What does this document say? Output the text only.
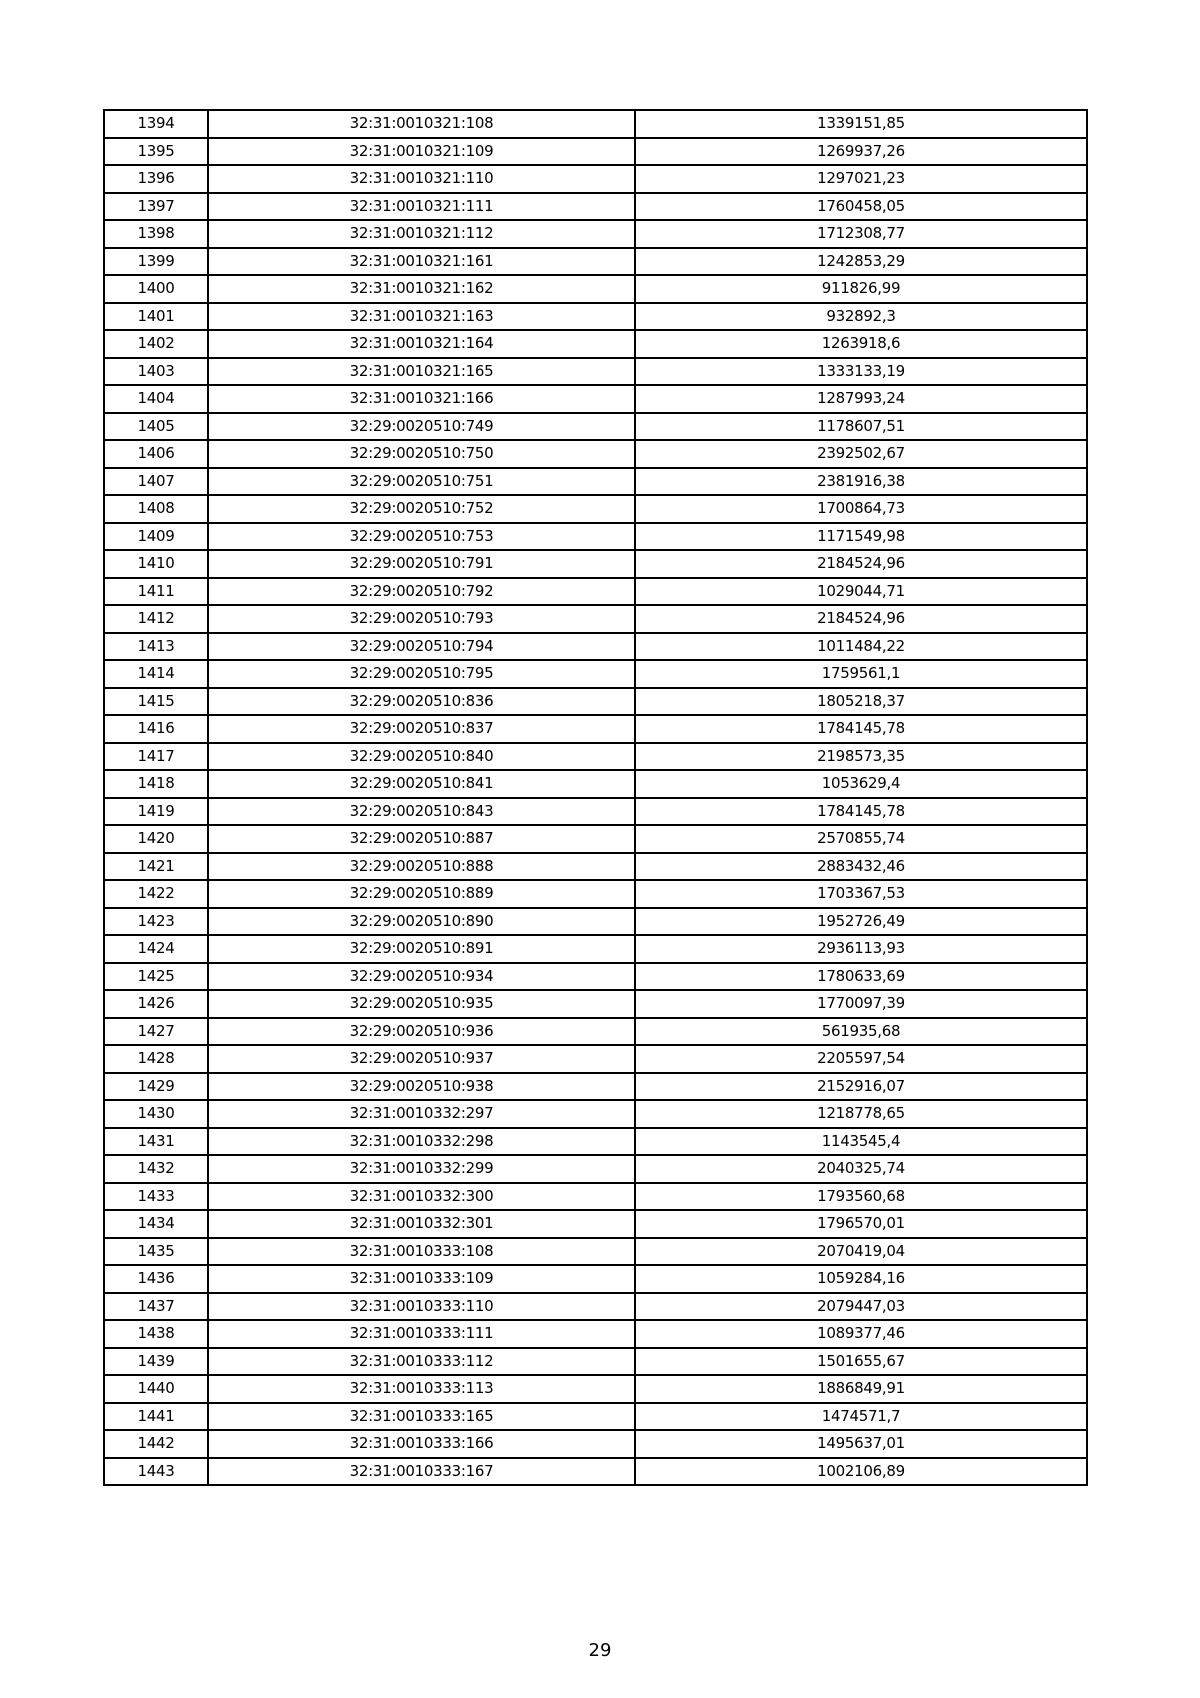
1394	32:31:0010321:108	1339151,85
1395	32:31:0010321:109	1269937,26
1396	32:31:0010321:110	1297021,23
1397	32:31:0010321:111	1760458,05
1398	32:31:0010321:112	1712308,77
1399	32:31:0010321:161	1242853,29
1400	32:31:0010321:162	911826,99
1401	32:31:0010321:163	932892,3
1402	32:31:0010321:164	1263918,6
1403	32:31:0010321:165	1333133,19
1404	32:31:0010321:166	1287993,24
1405	32:29:0020510:749	1178607,51
1406	32:29:0020510:750	2392502,67
1407	32:29:0020510:751	2381916,38
1408	32:29:0020510:752	1700864,73
1409	32:29:0020510:753	1171549,98
1410	32:29:0020510:791	2184524,96
1411	32:29:0020510:792	1029044,71
1412	32:29:0020510:793	2184524,96
1413	32:29:0020510:794	1011484,22
1414	32:29:0020510:795	1759561,1
1415	32:29:0020510:836	1805218,37
1416	32:29:0020510:837	1784145,78
1417	32:29:0020510:840	2198573,35
1418	32:29:0020510:841	1053629,4
1419	32:29:0020510:843	1784145,78
1420	32:29:0020510:887	2570855,74
1421	32:29:0020510:888	2883432,46
1422	32:29:0020510:889	1703367,53
1423	32:29:0020510:890	1952726,49
1424	32:29:0020510:891	2936113,93
1425	32:29:0020510:934	1780633,69
1426	32:29:0020510:935	1770097,39
1427	32:29:0020510:936	561935,68
1428	32:29:0020510:937	2205597,54
1429	32:29:0020510:938	2152916,07
1430	32:31:0010332:297	1218778,65
1431	32:31:0010332:298	1143545,4
1432	32:31:0010332:299	2040325,74
1433	32:31:0010332:300	1793560,68
1434	32:31:0010332:301	1796570,01
1435	32:31:0010333:108	2070419,04
1436	32:31:0010333:109	1059284,16
1437	32:31:0010333:110	2079447,03
1438	32:31:0010333:111	1089377,46
1439	32:31:0010333:112	1501655,67
1440	32:31:0010333:113	1886849,91
1441	32:31:0010333:165	1474571,7
1442	32:31:0010333:166	1495637,01
1443	32:31:0010333:167	1002106,89
29
